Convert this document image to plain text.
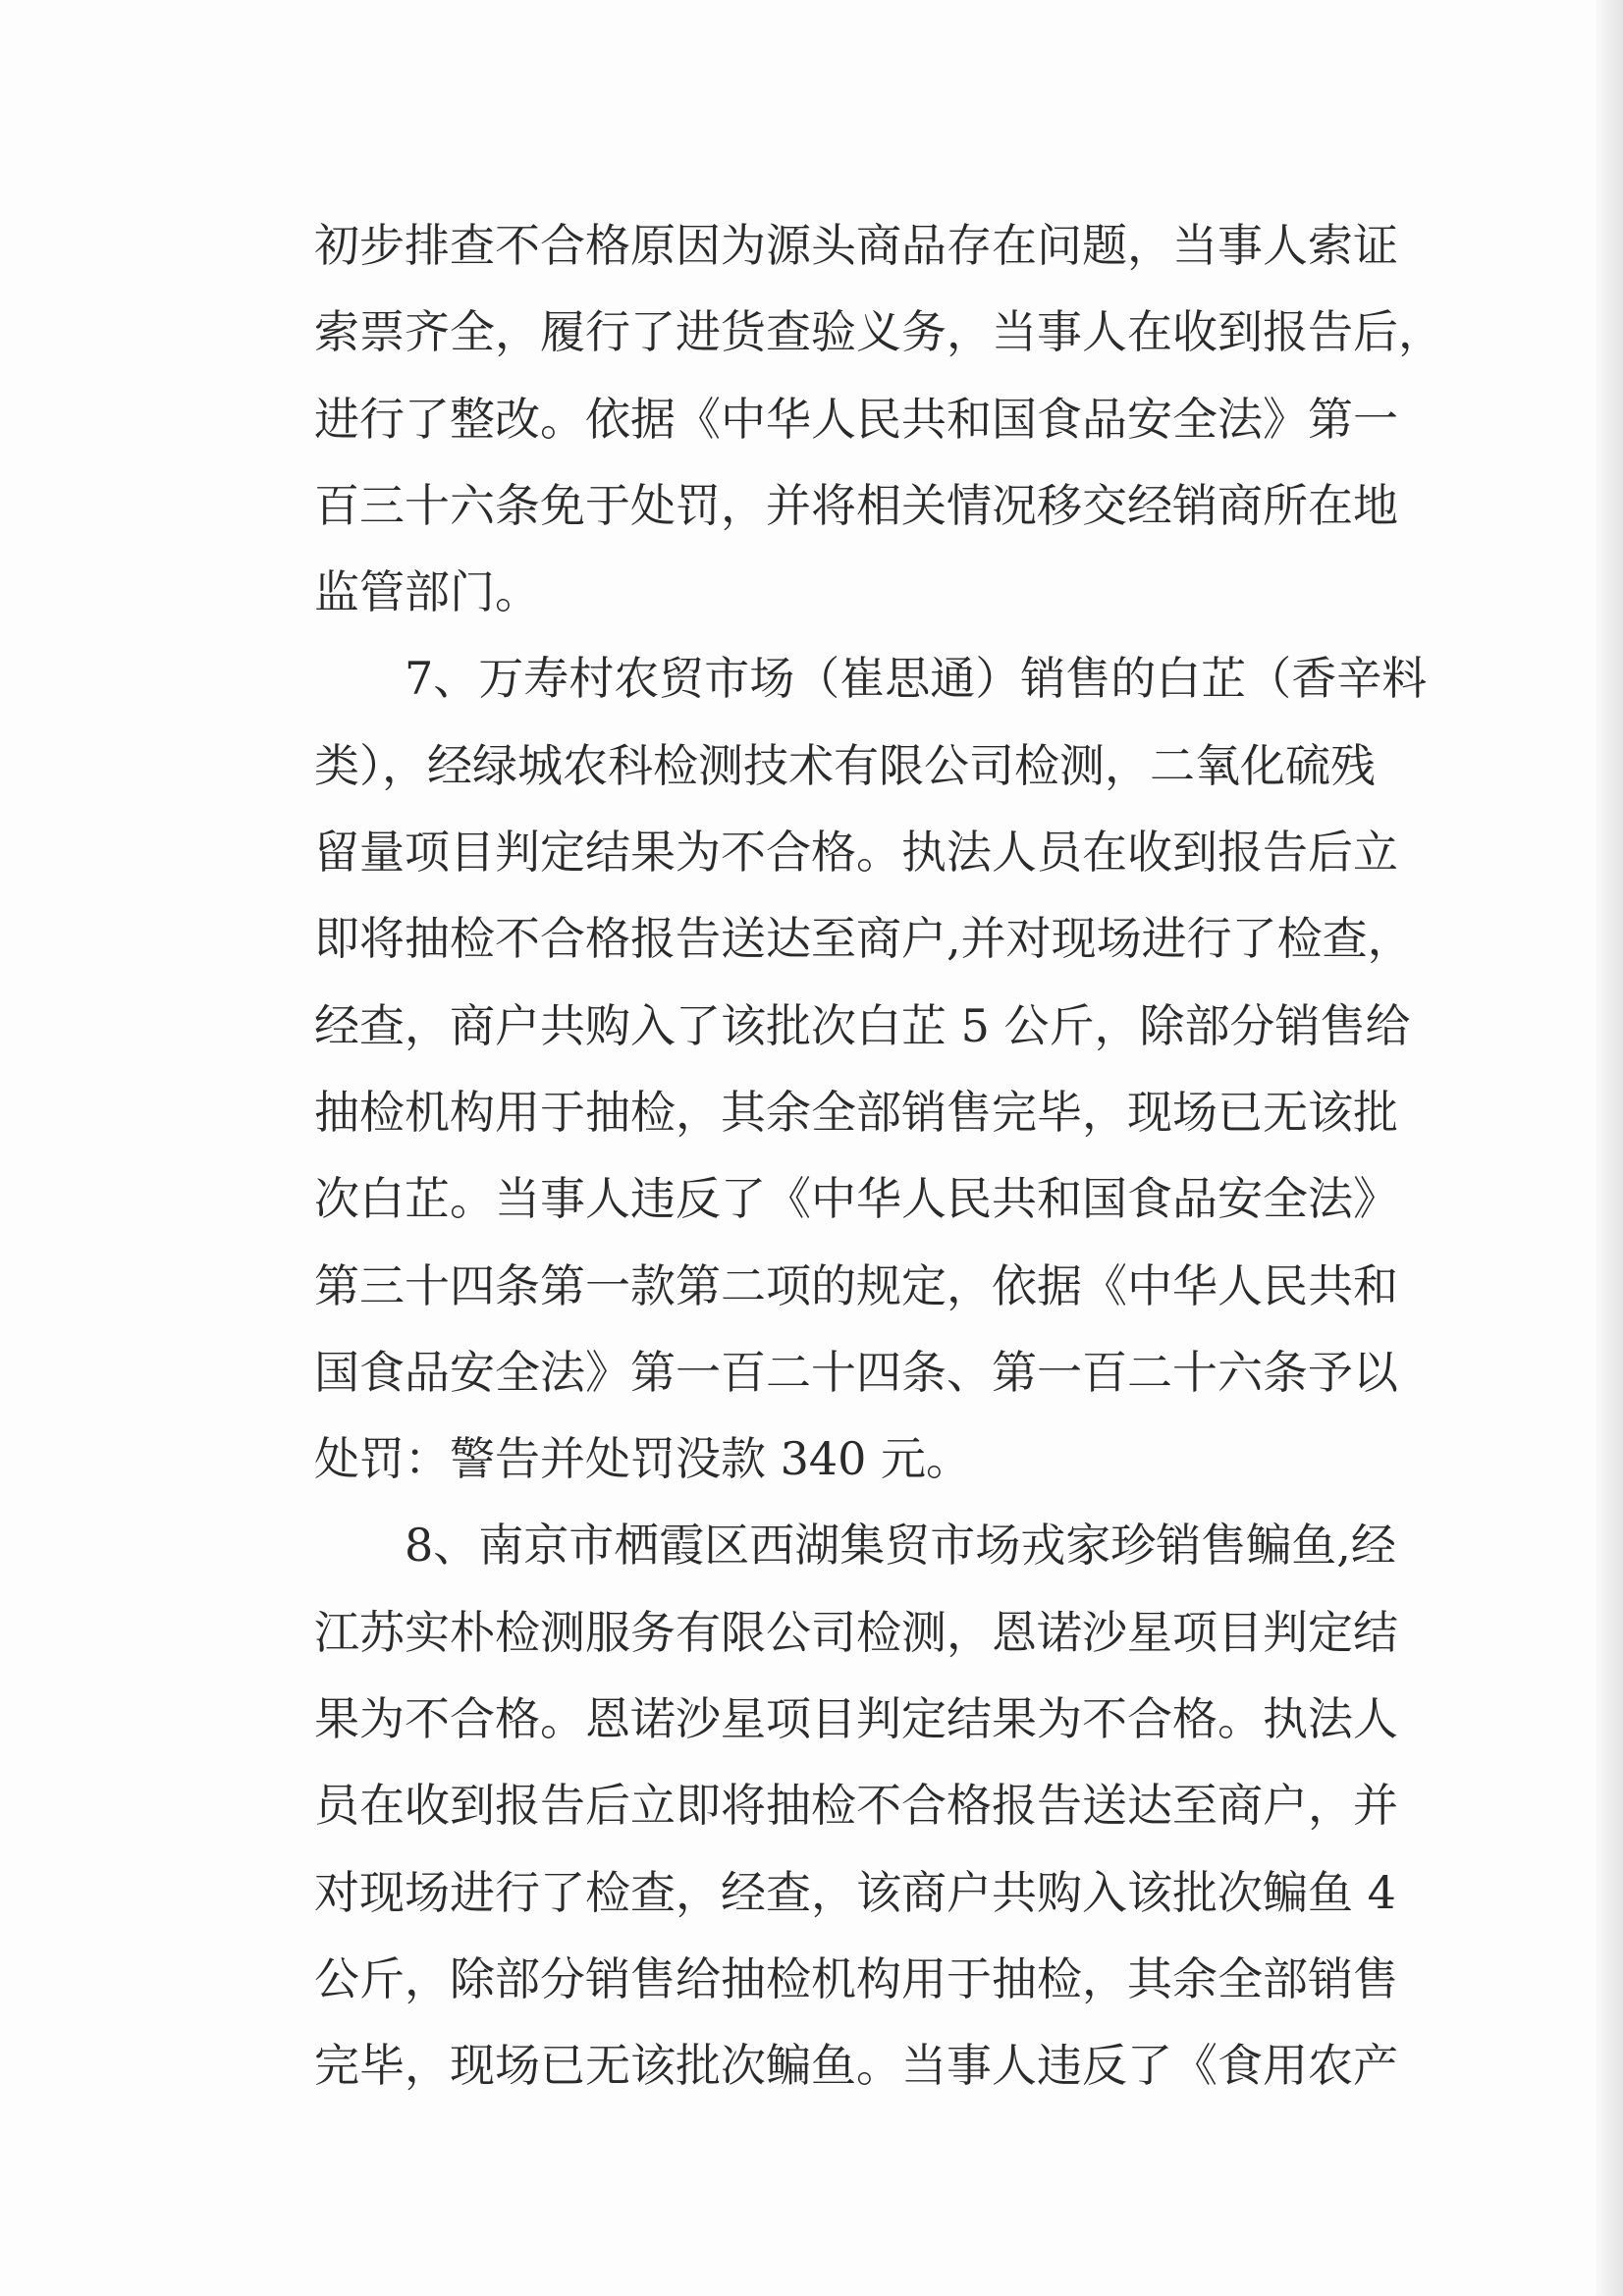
初步排查不合格原因为源头商品存在问题，当事人索证
索票齐全，履行了进货查验义务，当事人在收到报告后，
进行了整改。依据《中华人民共和国食品安全法》第一
百三十六条免于处罚，并将相关情况移交经销商所在地
监管部门。
　　7、万寿村农贸市场（崔思通）销售的白芷（香辛料
类），经绿城农科检测技术有限公司检测，二氧化硫残
留量项目判定结果为不合格。执法人员在收到报告后立
即将抽检不合格报告送达至商户,并对现场进行了检查，
经查，商户共购入了该批次白芷 5 公斤，除部分销售给
抽检机构用于抽检，其余全部销售完毕，现场已无该批
次白芷。当事人违反了《中华人民共和国食品安全法》
第三十四条第一款第二项的规定，依据《中华人民共和
国食品安全法》第一百二十四条、第一百二十六条予以
处罚：警告并处罚没款 340 元。
　　8、南京市栖霞区西湖集贸市场戎家珍销售鳊鱼,经
江苏实朴检测服务有限公司检测，恩诺沙星项目判定结
果为不合格。恩诺沙星项目判定结果为不合格。执法人
员在收到报告后立即将抽检不合格报告送达至商户，并
对现场进行了检查，经查，该商户共购入该批次鳊鱼 4
公斤，除部分销售给抽检机构用于抽检，其余全部销售
完毕，现场已无该批次鳊鱼。当事人违反了《食用农产
